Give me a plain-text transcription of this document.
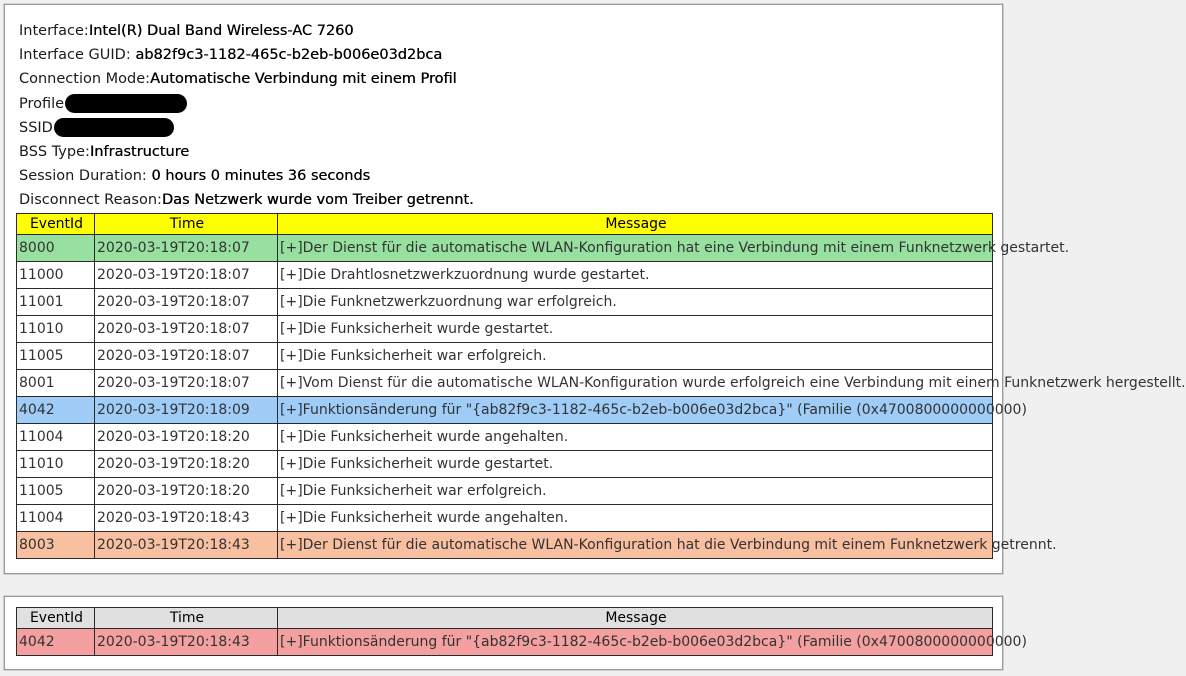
Interface:Intel(R) Dual Band Wireless-AC 7260
Interface GUID: ab82f9c3-1182-465c-b2eb-b006e03d2bca
Connection Mode:Automatische Verbindung mit einem Profil
Profile
SSID
BSS Type:Infrastructure
Session Duration: 0 hours 0 minutes 36 seconds
Disconnect Reason:Das Netzwerk wurde vom Treiber getrennt.
EventId	Time	Message
8000	2020-03-19T20:18:07	[+]Der Dienst für die automatische WLAN-Konfiguration hat eine Verbindung mit einem Funknetzwerk gestartet.
11000	2020-03-19T20:18:07	[+]Die Drahtlosnetzwerkzuordnung wurde gestartet.
11001	2020-03-19T20:18:07	[+]Die Funknetzwerkzuordnung war erfolgreich.
11010	2020-03-19T20:18:07	[+]Die Funksicherheit wurde gestartet.
11005	2020-03-19T20:18:07	[+]Die Funksicherheit war erfolgreich.
8001	2020-03-19T20:18:07	[+]Vom Dienst für die automatische WLAN-Konfiguration wurde erfolgreich eine Verbindung mit einem Funknetzwerk hergestellt.
4042	2020-03-19T20:18:09	[+]Funktionsänderung für "{ab82f9c3-1182-465c-b2eb-b006e03d2bca}" (Familie (0x4700800000000000)
11004	2020-03-19T20:18:20	[+]Die Funksicherheit wurde angehalten.
11010	2020-03-19T20:18:20	[+]Die Funksicherheit wurde gestartet.
11005	2020-03-19T20:18:20	[+]Die Funksicherheit war erfolgreich.
11004	2020-03-19T20:18:43	[+]Die Funksicherheit wurde angehalten.
8003	2020-03-19T20:18:43	[+]Der Dienst für die automatische WLAN-Konfiguration hat die Verbindung mit einem Funknetzwerk getrennt.
EventId	Time	Message
4042	2020-03-19T20:18:43	[+]Funktionsänderung für "{ab82f9c3-1182-465c-b2eb-b006e03d2bca}" (Familie (0x4700800000000000)
